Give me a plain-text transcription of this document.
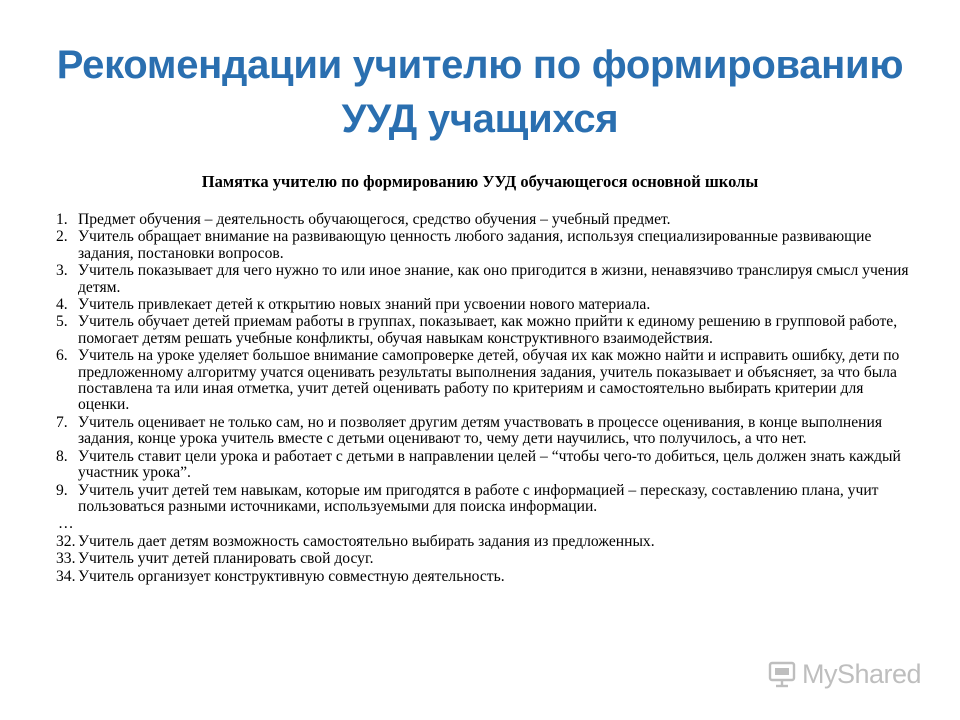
Рекомендации учителю по формированию
УУД учащихся
Памятка учителю по формированию УУД обучающегося основной школы
1. Предмет обучения – деятельность обучающегося, средство обучения – учебный предмет.
2. Учитель обращает внимание на развивающую ценность любого задания, используя специализированные развивающие задания, постановки вопросов.
3. Учитель показывает для чего нужно то или иное знание, как оно пригодится в жизни, ненавязчиво транслируя смысл учения детям.
4. Учитель привлекает детей к открытию новых знаний при усвоении нового материала.
5. Учитель обучает детей приемам работы в группах, показывает, как можно прийти к единому решению в групповой работе, помогает детям решать учебные конфликты, обучая навыкам конструктивного взаимодействия.
6. Учитель на уроке уделяет большое внимание самопроверке детей, обучая их как можно найти и исправить ошибку, дети по предложенному алгоритму учатся оценивать результаты выполнения задания, учитель показывает и объясняет, за что была поставлена та или иная отметка, учит детей оценивать работу по критериям и самостоятельно выбирать критерии для оценки.
7. Учитель оценивает не только сам, но и позволяет другим детям участвовать в процессе оценивания, в конце выполнения задания, конце урока учитель вместе с детьми оценивают то, чему дети научились, что получилось, а что нет.
8. Учитель ставит цели урока и работает с детьми в направлении целей – “чтобы чего-то добиться, цель должен знать каждый участник урока”.
9. Учитель учит детей тем навыкам, которые им пригодятся в работе с информацией – пересказу, составлению плана, учит пользоваться разными источниками, используемыми для поиска информации.
…
32. Учитель дает детям возможность самостоятельно выбирать задания из предложенных.
33. Учитель учит детей планировать свой досуг.
34. Учитель организует конструктивную совместную деятельность.
MyShared
